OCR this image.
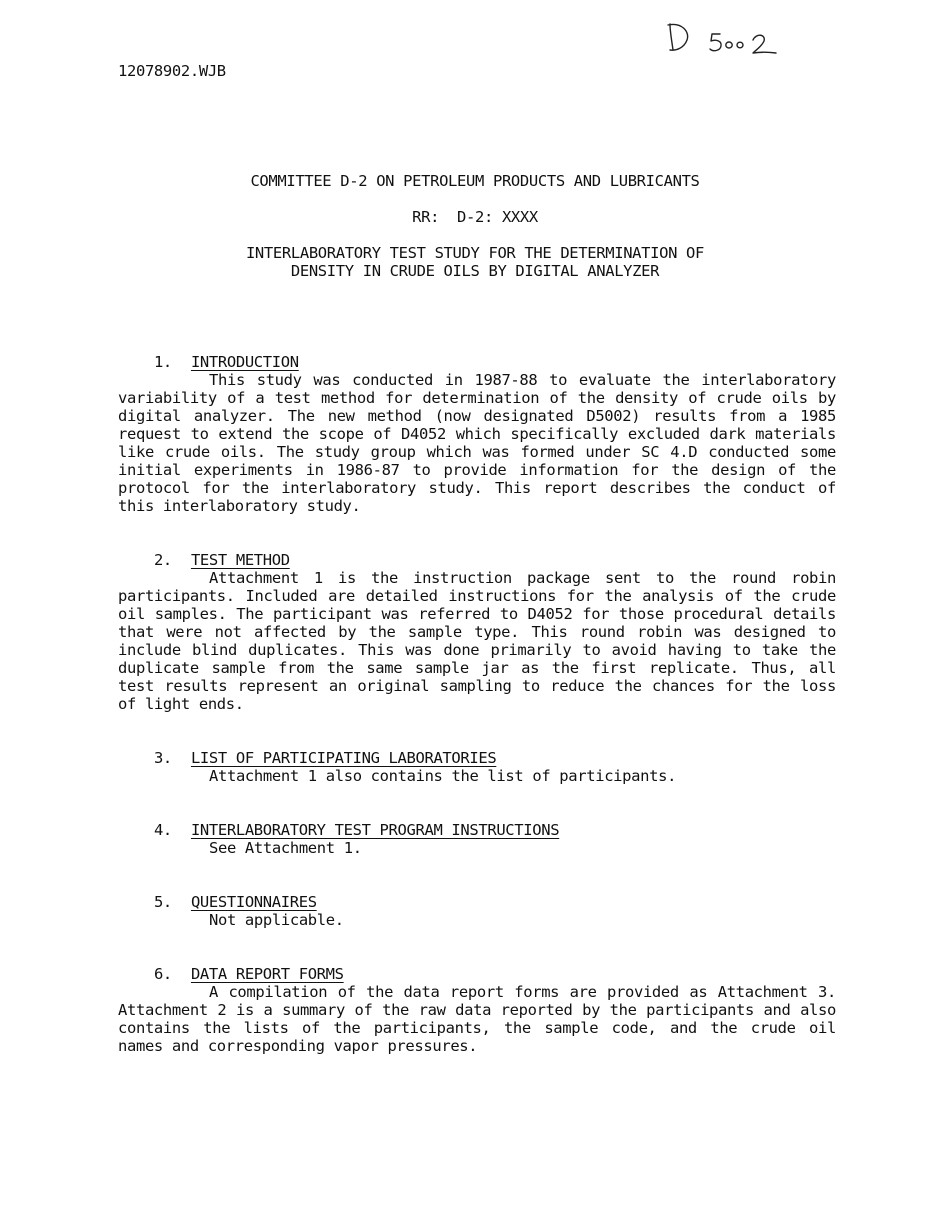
12078902.WJB
COMMITTEE D-2 ON PETROLEUM PRODUCTS AND LUBRICANTS
RR:  D-2: XXXX
INTERLABORATORY TEST STUDY FOR THE DETERMINATION OF
DENSITY IN CRUDE OILS BY DIGITAL ANALYZER

1. INTRODUCTION

This study was conducted in 1987-88 to evaluate the interlaboratory variability of a test method for determination of the density of crude oils by digital analyzer. The new method (now designated D5002) results from a 1985 request to extend the scope of D4052 which specifically excluded dark materials like crude oils. The study group which was formed under SC 4.D conducted some initial experiments in 1986-87 to provide information for the design of the protocol for the interlaboratory study. This report describes the conduct of this interlaboratory study.

2. TEST METHOD

Attachment 1 is the instruction package sent to the round robin participants. Included are detailed instructions for the analysis of the crude oil samples. The participant was referred to D4052 for those procedural details that were not affected by the sample type. This round robin was designed to include blind duplicates. This was done primarily to avoid having to take the duplicate sample from the same sample jar as the first replicate. Thus, all test results represent an original sampling to reduce the chances for the loss of light ends.

3. LIST OF PARTICIPATING LABORATORIES

Attachment 1 also contains the list of participants.

4. INTERLABORATORY TEST PROGRAM INSTRUCTIONS

See Attachment 1.

5. QUESTIONNAIRES

Not applicable.

6. DATA REPORT FORMS

A compilation of the data report forms are provided as Attachment 3. Attachment 2 is a summary of the raw data reported by the participants and also contains the lists of the participants, the sample code, and the crude oil names and corresponding vapor pressures.
